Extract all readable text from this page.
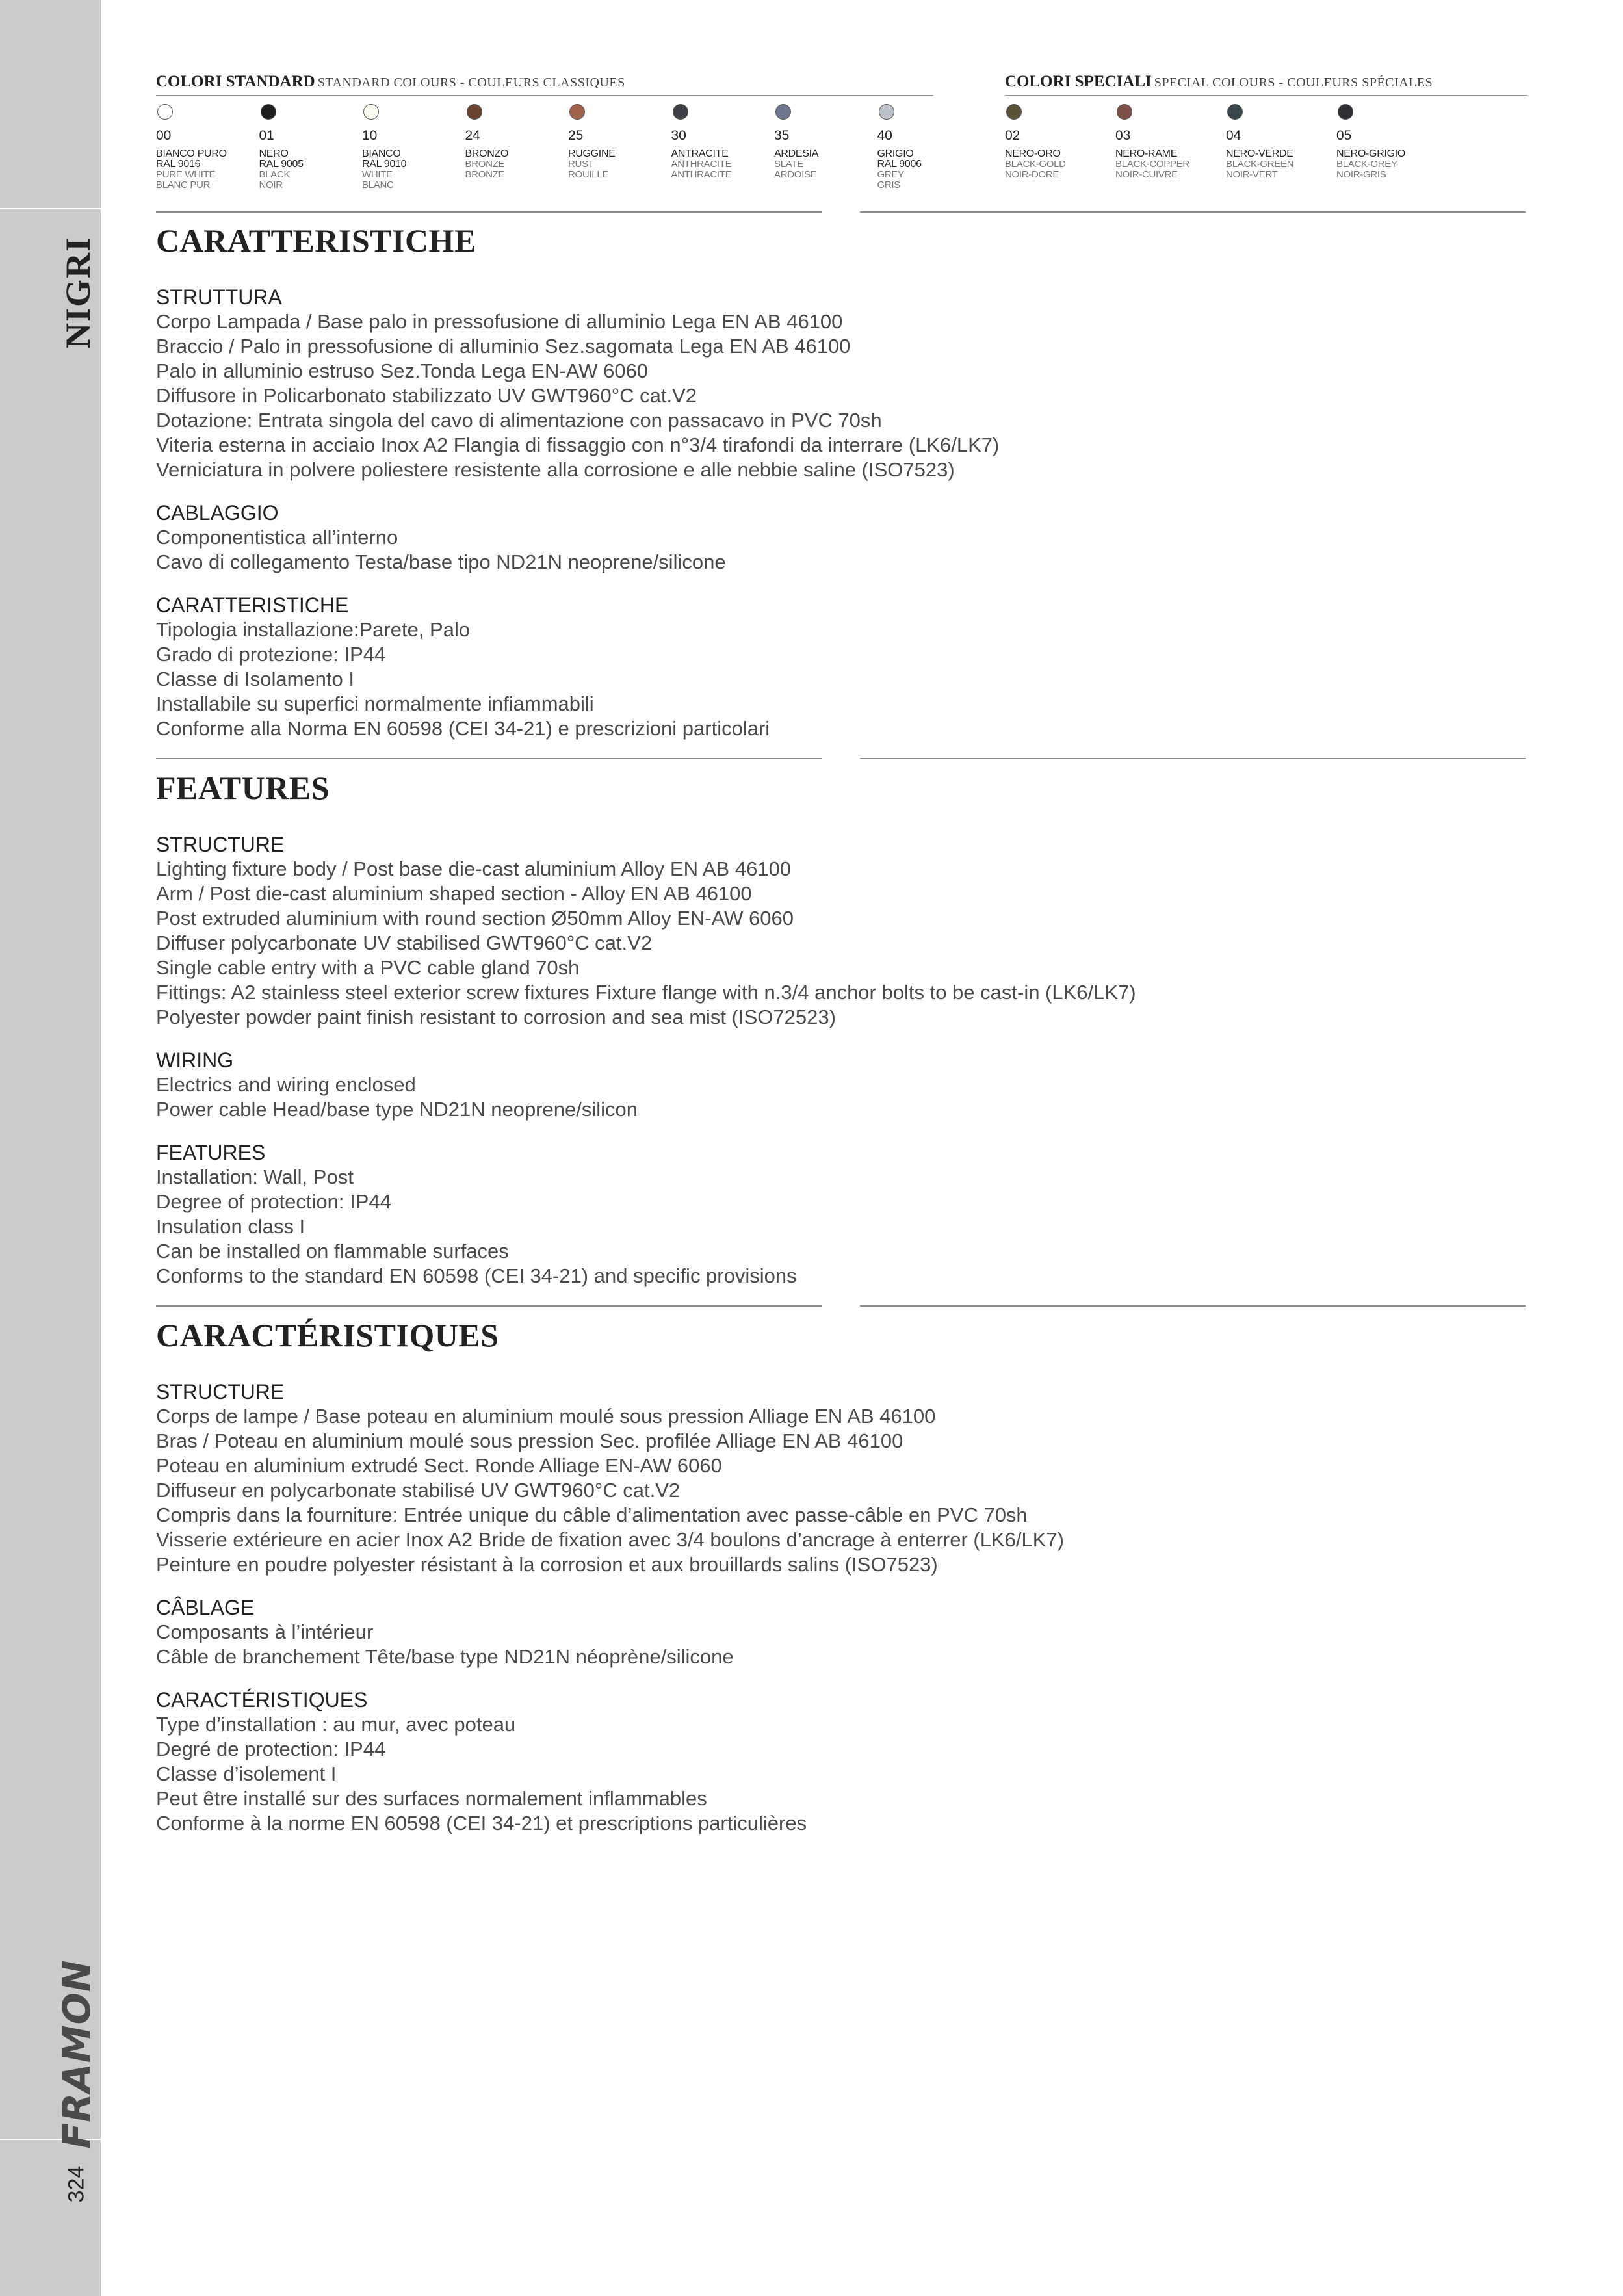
NIGRI
FRAMON
324
COLORI STANDARD STANDARD COLOURS - COULEURS CLASSIQUES	COLORI SPECIALI SPECIAL COLOURS - COULEURS SPÉCIALES
00
BIANCO PURO
RAL 9016
PURE WHITE
BLANC PUR
01
NERO
RAL 9005
BLACK
NOIR
10
BIANCO
RAL 9010
WHITE
BLANC
24
BRONZO
BRONZE
BRONZE
25
RUGGINE
RUST
ROUILLE
30
ANTRACITE
ANTHRACITE
ANTHRACITE
35
ARDESIA
SLATE
ARDOISE
40
GRIGIO
RAL 9006
GREY
GRIS
02
NERO-ORO
BLACK-GOLD
NOIR-DORE
03
NERO-RAME
BLACK-COPPER
NOIR-CUIVRE
04
NERO-VERDE
BLACK-GREEN
NOIR-VERT
05
NERO-GRIGIO
BLACK-GREY
NOIR-GRIS
CARATTERISTICHE
STRUTTURA
Corpo Lampada / Base palo in pressofusione di alluminio Lega EN AB 46100
Braccio / Palo in pressofusione di alluminio Sez.sagomata Lega EN AB 46100
Palo in alluminio estruso Sez.Tonda Lega EN-AW 6060
Diffusore in Policarbonato stabilizzato UV GWT960°C cat.V2
Dotazione: Entrata singola del cavo di alimentazione con passacavo in PVC 70sh
Viteria esterna in acciaio Inox A2 Flangia di fissaggio con n°3/4 tirafondi da interrare (LK6/LK7)
Verniciatura in polvere poliestere resistente alla corrosione e alle nebbie saline (ISO7523)
CABLAGGIO
Componentistica all’interno
Cavo di collegamento Testa/base tipo ND21N neoprene/silicone
CARATTERISTICHE
Tipologia installazione:Parete, Palo
Grado di protezione: IP44
Classe di Isolamento I
Installabile su superfici normalmente infiammabili
Conforme alla Norma EN 60598 (CEI 34-21) e prescrizioni particolari
FEATURES
STRUCTURE
Lighting fixture body / Post base die-cast aluminium Alloy EN AB 46100
Arm / Post die-cast aluminium shaped section - Alloy EN AB 46100
Post extruded aluminium with round section Ø50mm Alloy EN-AW 6060
Diffuser polycarbonate UV stabilised GWT960°C cat.V2
Single cable entry with a PVC cable gland 70sh
Fittings: A2 stainless steel exterior screw fixtures Fixture flange with n.3/4 anchor bolts to be cast-in (LK6/LK7)
Polyester powder paint finish resistant to corrosion and sea mist (ISO72523)
WIRING
Electrics and wiring enclosed
Power cable Head/base type ND21N neoprene/silicon
FEATURES
Installation: Wall, Post
Degree of protection: IP44
Insulation class I
Can be installed on flammable surfaces
Conforms to the standard EN 60598 (CEI 34-21) and specific provisions
CARACTÉRISTIQUES
STRUCTURE
Corps de lampe / Base poteau en aluminium moulé sous pression Alliage EN AB 46100
Bras / Poteau en aluminium moulé sous pression Sec. profilée Alliage EN AB 46100
Poteau en aluminium extrudé Sect. Ronde Alliage EN-AW 6060
Diffuseur en polycarbonate stabilisé UV GWT960°C cat.V2
Compris dans la fourniture: Entrée unique du câble d’alimentation avec passe-câble en PVC 70sh
Visserie extérieure en acier Inox A2 Bride de fixation avec 3/4 boulons d’ancrage à enterrer (LK6/LK7)
Peinture en poudre polyester résistant à la corrosion et aux brouillards salins (ISO7523)
CÂBLAGE
Composants à l’intérieur
Câble de branchement Tête/base type ND21N néoprène/silicone
CARACTÉRISTIQUES
Type d’installation : au mur, avec poteau
Degré de protection: IP44
Classe d’isolement I
Peut être installé sur des surfaces normalement inflammables
Conforme à la norme EN 60598 (CEI 34-21) et prescriptions particulières
